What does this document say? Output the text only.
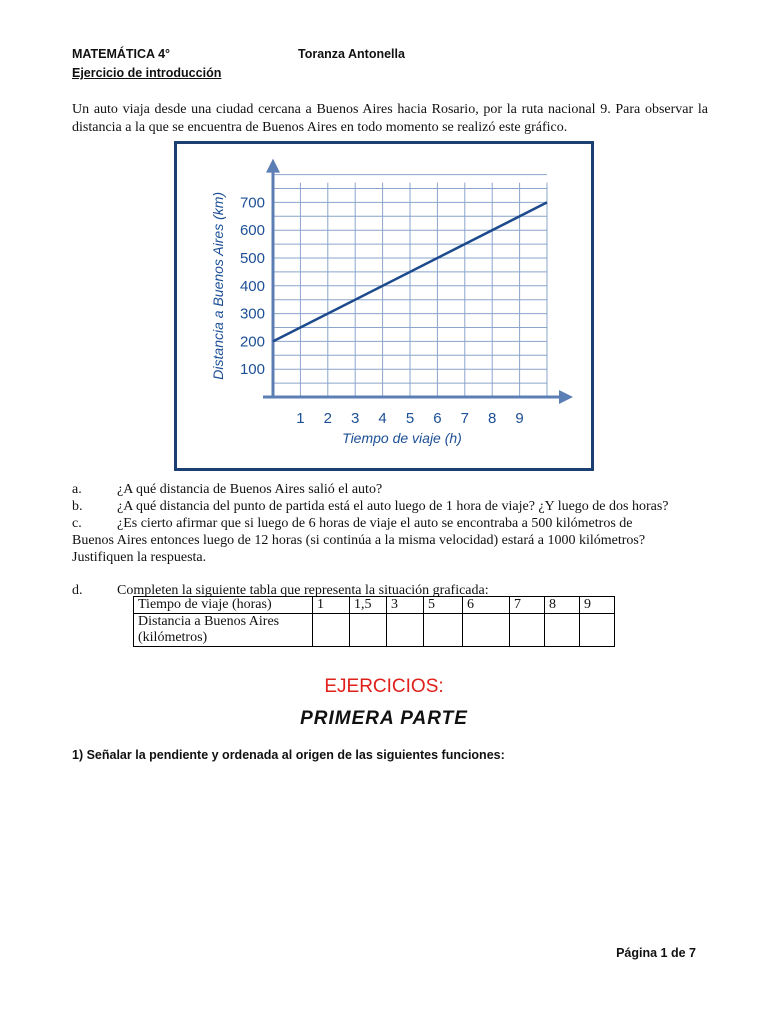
MATEMÁTICA 4°	Toranza Antonella
Ejercicio de introducción
Un auto viaja desde una ciudad cercana a Buenos Aires hacia Rosario, por la ruta nacional 9. Para observar la distancia a la que se encuentra de Buenos Aires en todo momento se realizó este gráfico.
1 2 3 4 5 6 7 8 9
100
200
300
400
500
600
700
Tiempo de viaje (h)
Distancia a Buenos Aires (km)
a.	¿A qué distancia de Buenos Aires salió el auto?
b. ¿A qué distancia del punto de partida está el auto luego de 1 hora de viaje? ¿Y luego de dos horas?
c.	¿Es cierto afirmar que si luego de 6 horas de viaje el auto se encontraba a 500 kilómetros de
Buenos Aires entonces luego de 12 horas (si continúa a la misma velocidad) estará a 1000 kilómetros?
Justifiquen la respuesta.
d. Completen la siguiente tabla que representa la situación graficada:
Tiempo de viaje (horas)	1	1,5	3	5	6	7	8	9

Distancia a Buenos Aires
(kilómetros)								

EJERCICIOS:
PRIMERA PARTE
1) Señalar la pendiente y ordenada al origen de las siguientes funciones:
Página 1 de 7
